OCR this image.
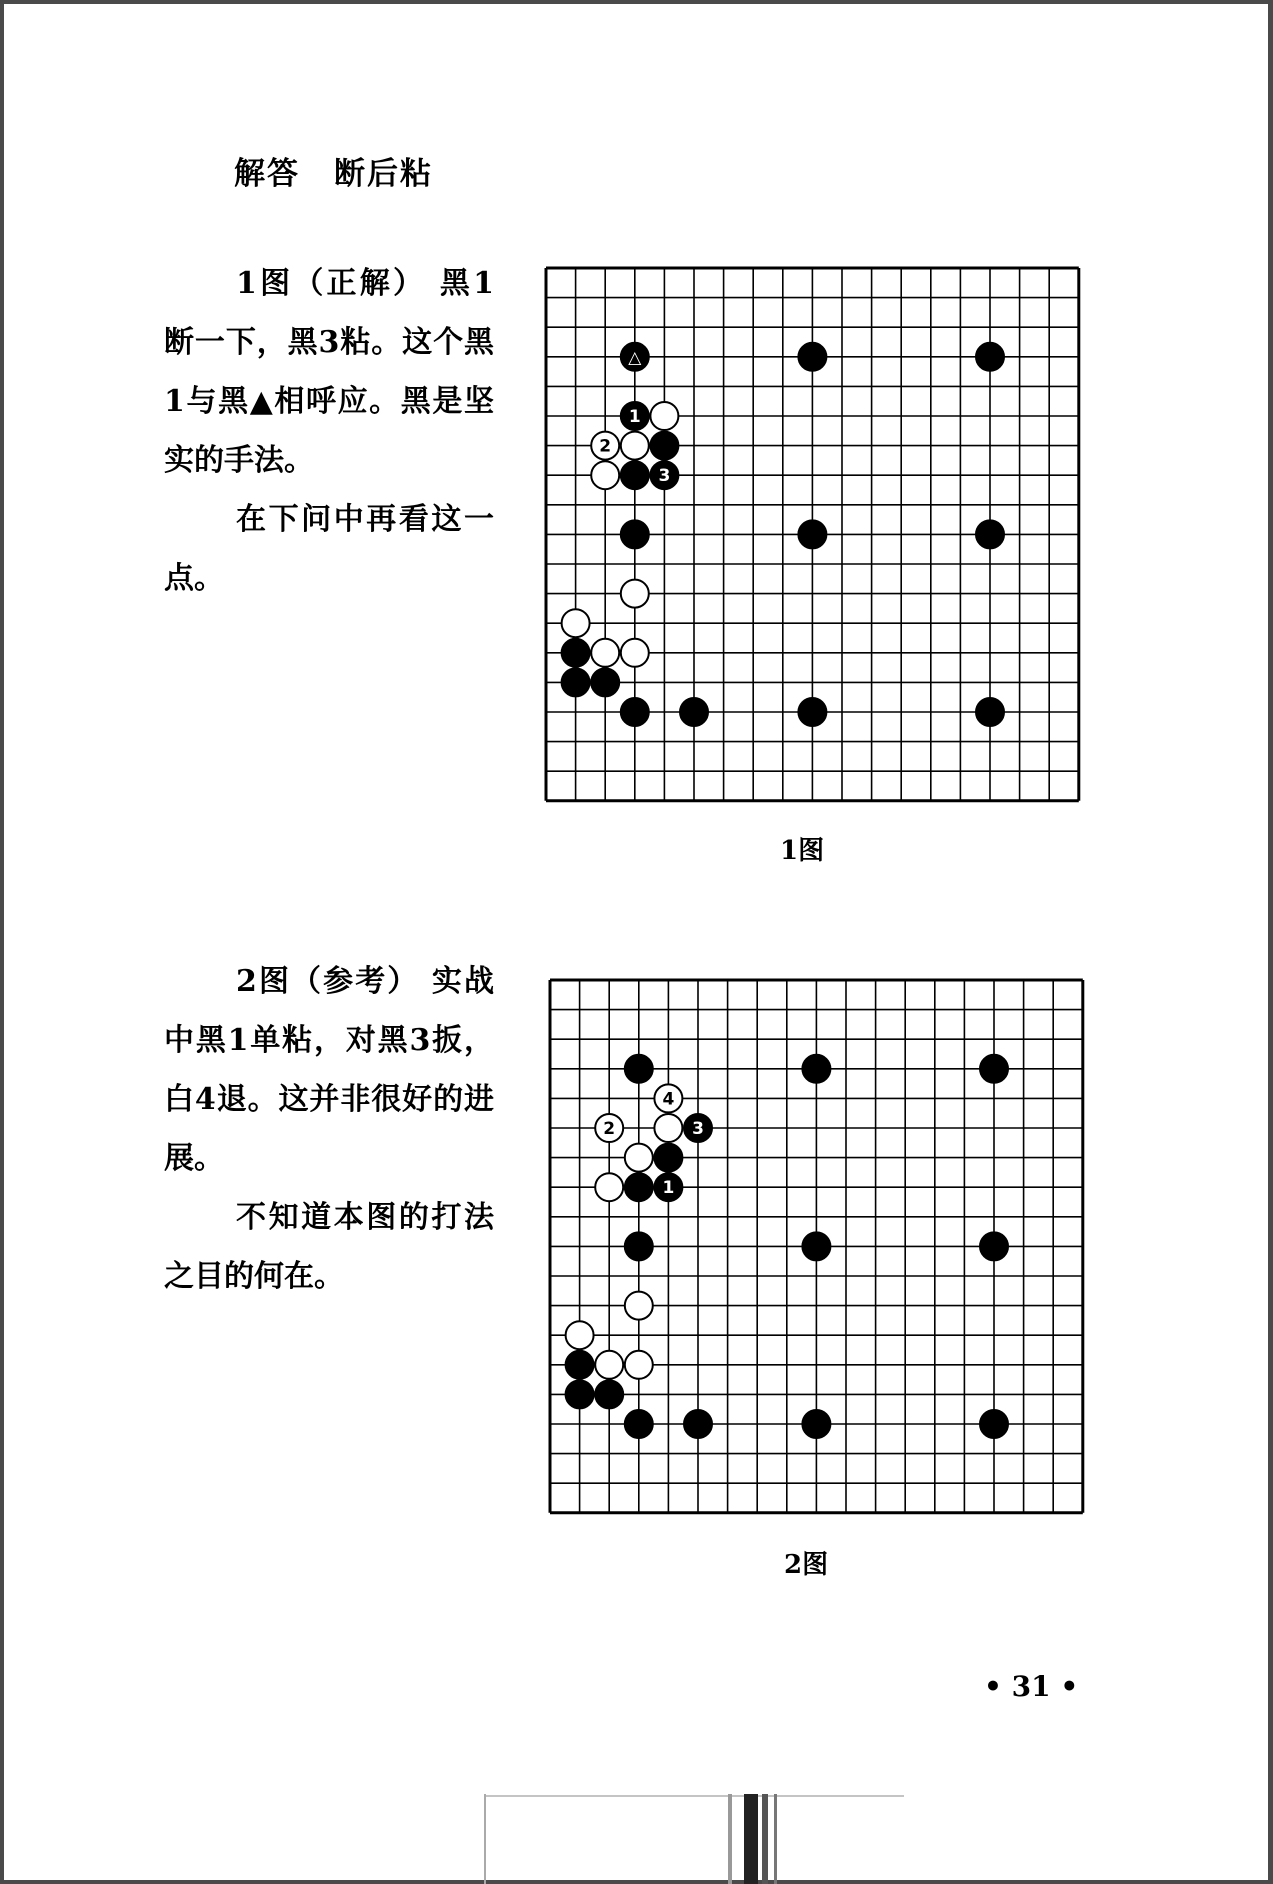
解答 断后粘

1图（正解） 黑1断一下，黑3粘。这个黑1与黑▲相呼应。黑是坚实的手法。

在下问中再看这一点。

△
1
2
3
1图

2图（参考） 实战中黑1单粘，对黑3扳，白4退。这并非很好的进展。

不知道本图的打法之目的何在。

4
2	3
1
2图
• 31 •
